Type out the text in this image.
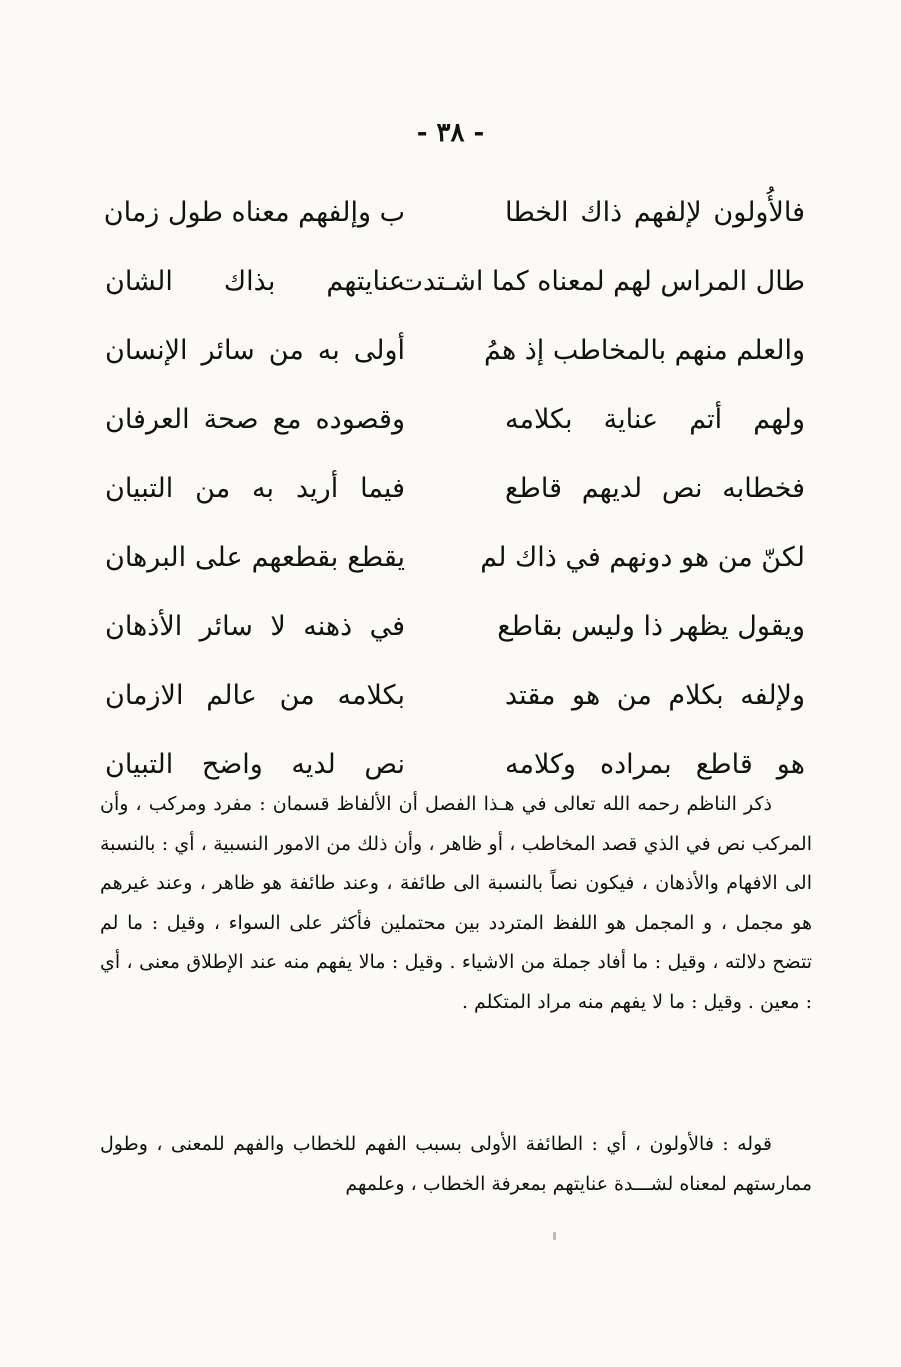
- ٣٨ -
فالأُولون لإلفهم ذاك الخطا
ب وإلفهم معناه طول زمان
طال المراس لهم لمعناه كما اشـتدت
عنايتهم بذاك الشان
والعلم منهم بالمخاطب إذ همُ
أولى به من سائر الإنسان
ولهم أتم عناية بكلامه
وقصوده مع صحة العرفان
فخطابه نص لديهم قاطع
فيما أريد به من التبيان
لكنّ من هو دونهم في ذاك لم
يقطع بقطعهم على البرهان
ويقول يظهر ذا وليس بقاطع
في ذهنه لا سائر الأذهان
ولإلفه بكلام من هو مقتد
بكلامه من عالم الازمان
هو قاطع بمراده وكلامه
نص لديه واضح التبيان

ذكر الناظم رحمه الله تعالى في هـذا الفصل أن الألفاظ قسمان : مفرد ومركب ، وأن المركب نص في الذي قصد المخاطب ، أو ظاهر ، وأن ذلك من الامور النسبية ، أي : بالنسبة الى الافهام والأذهان ، فيكون نصاً بالنسبة الى طائفة ، وعند طائفة هو ظاهر ، وعند غيرهم هو مجمل ، و المجمل هو اللفظ المتردد بين محتملين فأكثر على السواء ، وقيل : ما لم تتضح دلالته ، وقيل : ما أفاد جملة من الاشياء . وقيل : مالا يفهم منه عند الإطلاق معنى ، أي : معين . وقيل : ما لا يفهم منه مراد المتكلم .

قوله : فالأولون ، أي : الطائفة الأولى بسبب الفهم للخطاب والفهم للمعنى ، وطول ممارستهم لمعناه لشـــدة عنايتهم بمعرفة الخطاب ، وعلمهم
